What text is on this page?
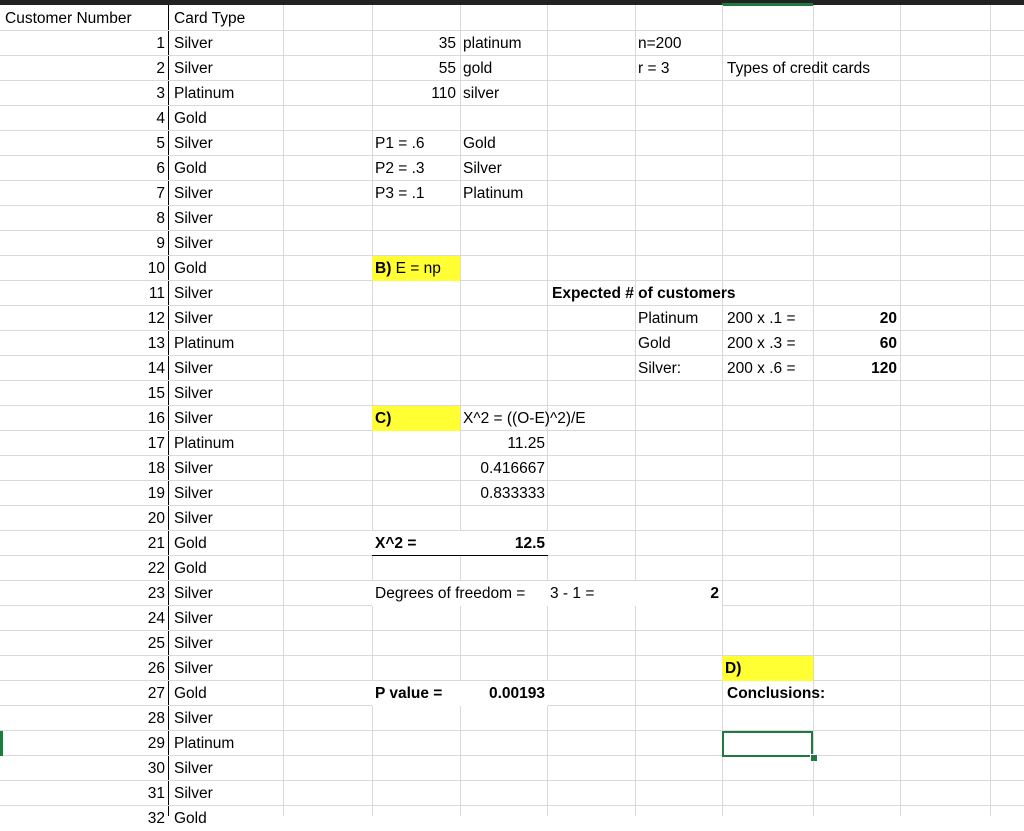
Customer Number	Card Type
1 Silver
2 Silver
3 Platinum
4 Gold
5 Silver
6 Gold
7 Silver
8 Silver
9 Silver
10 Gold
11 Silver
12 Silver
13 Platinum
14 Silver
15 Silver
16 Silver
17 Platinum
18 Silver
19 Silver
20 Silver
21 Gold
22 Gold
23 Silver
24 Silver
25 Silver
26 Silver
27 Gold
28 Silver
29 Platinum
30 Silver
31 Silver
32 Gold
35 platinum
55 gold
110 silver
n=200
r = 3	Types of credit cards
P1 = .6	Gold
P2 = .3	Silver
P3 = .1	Platinum
B) E = np
Expected # of customers
Platinum	200 x .1 =	20
Gold	200 x .3 =	60
Silver:	200 x .6 =	120
C)	X^2 = ((O-E)^2)/E
11.25
0.416667
0.833333
X^2 =	12.5
Degrees of freedom =	3 - 1 =	2
D)
P value =	0.00193	Conclusions:
